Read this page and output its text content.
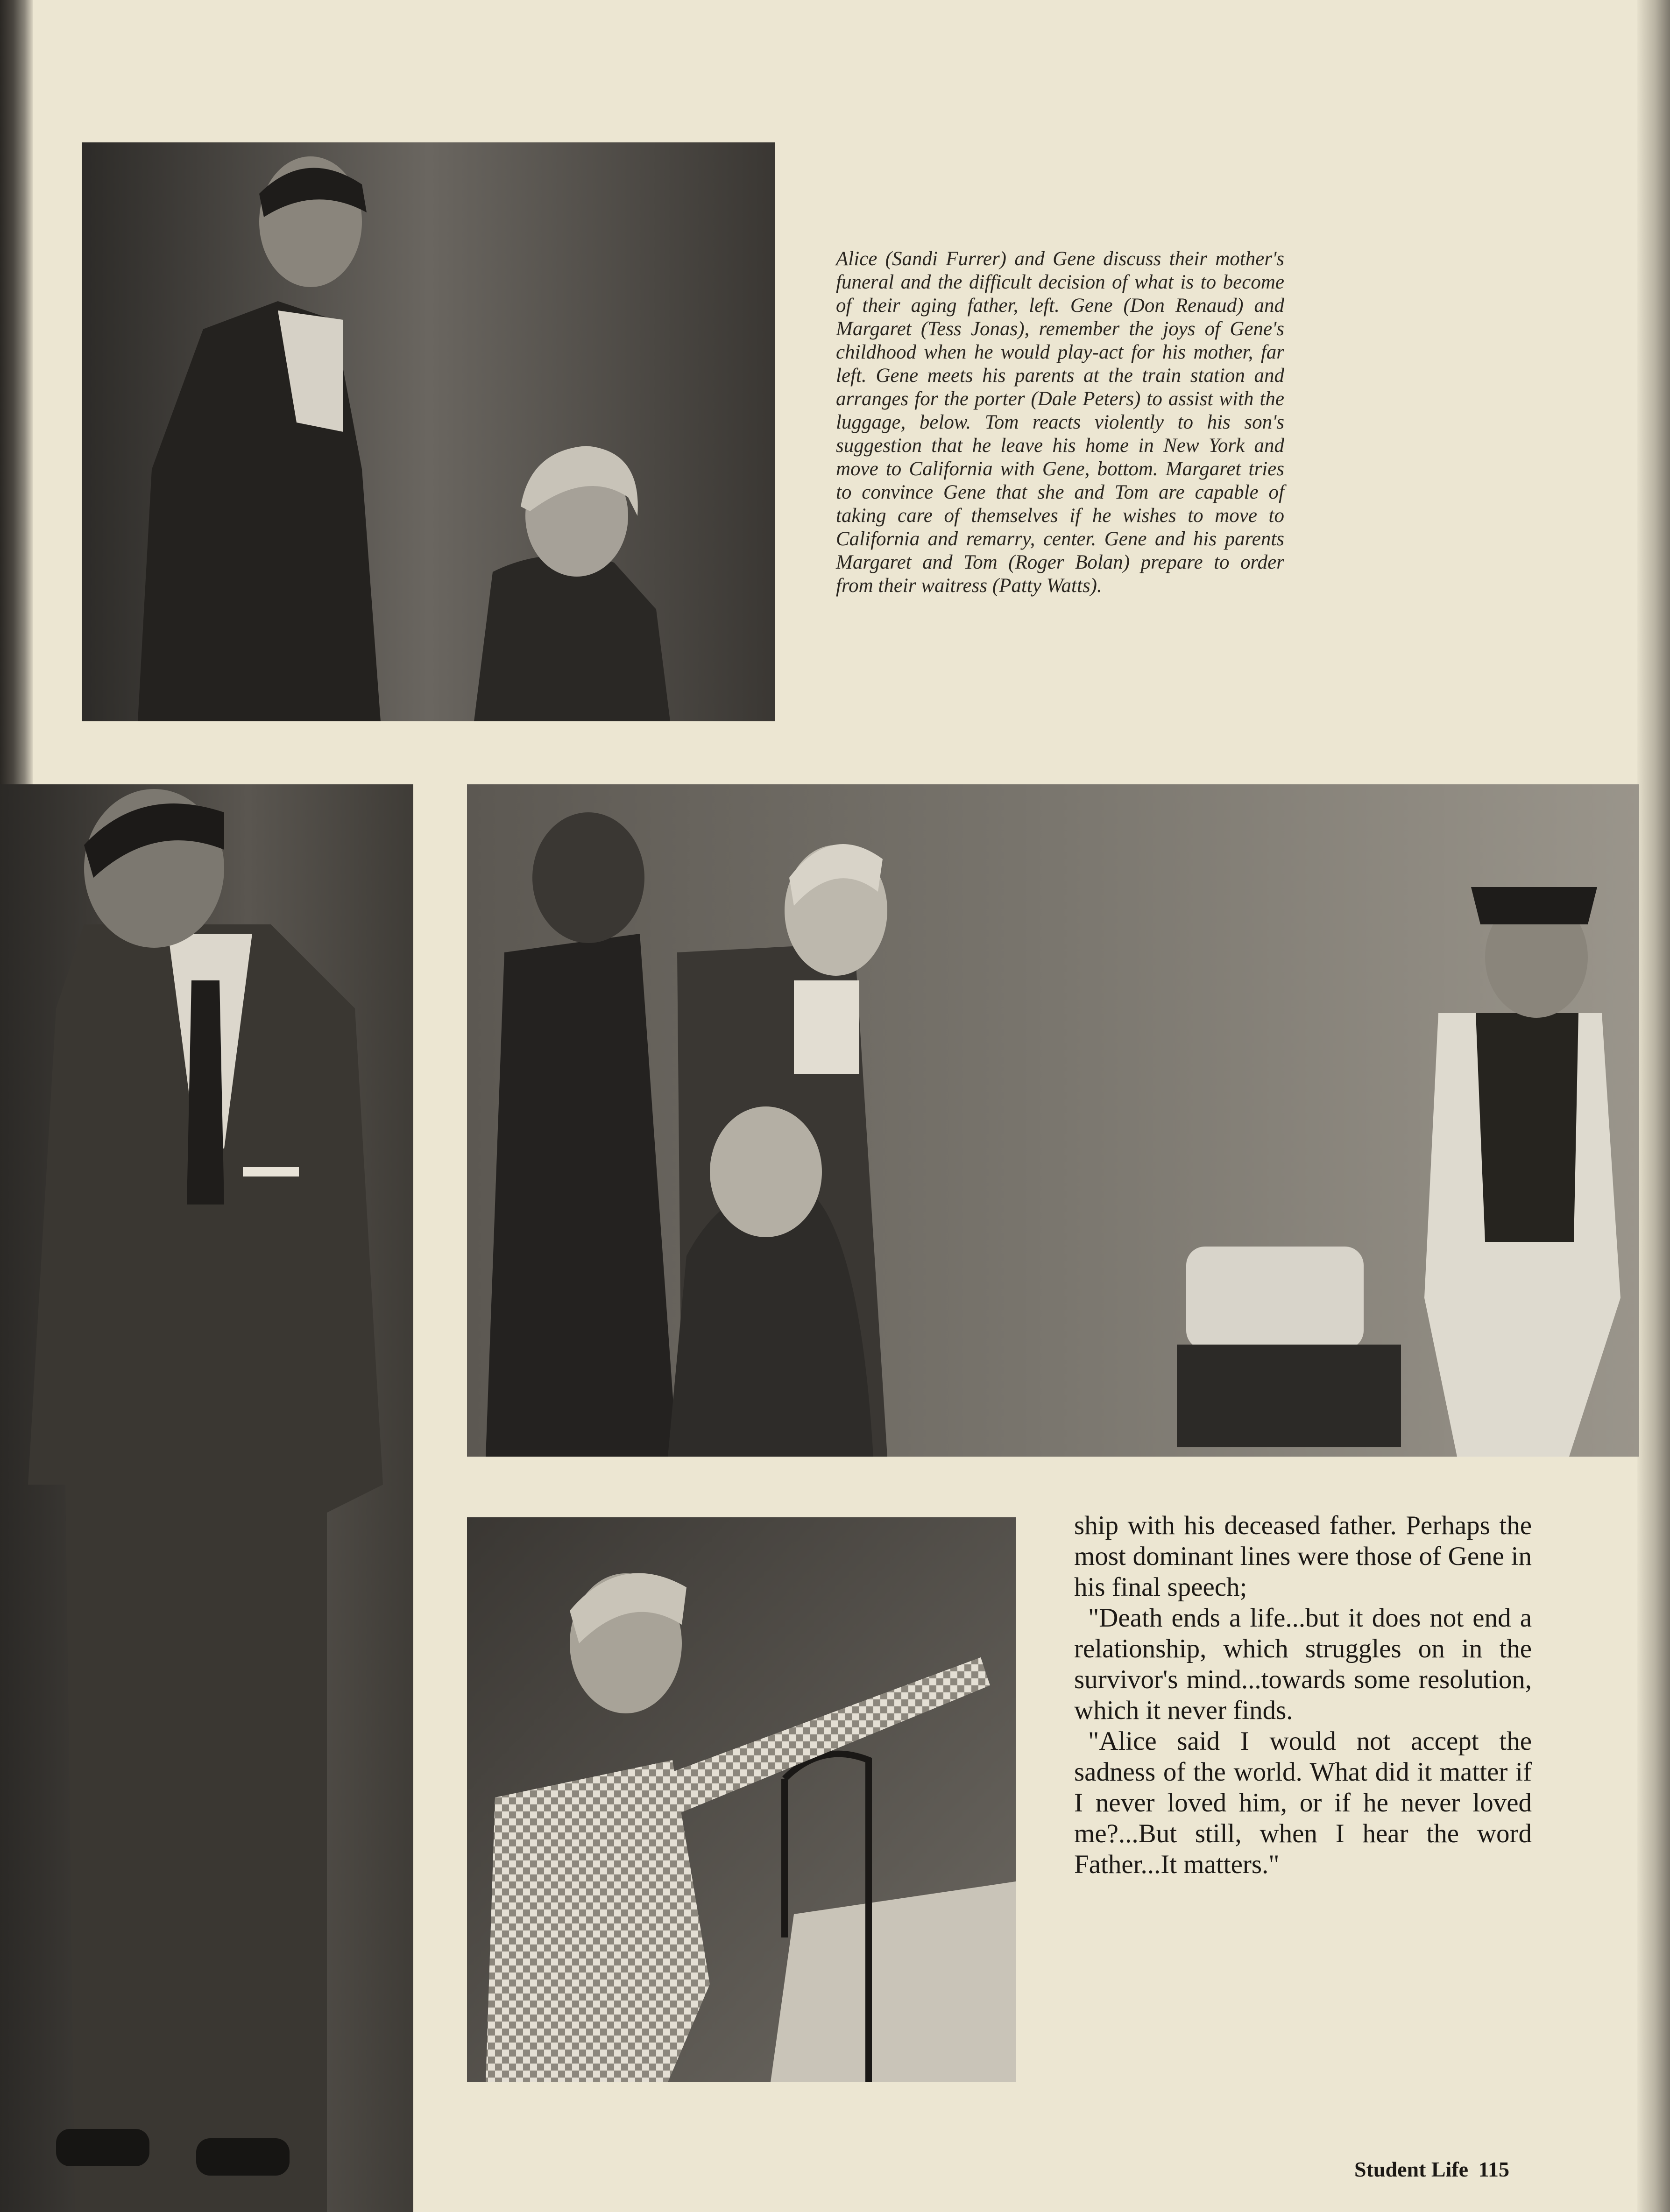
Alice (Sandi Furrer) and Gene discuss their mother's funeral and the difficult decision of what is to become of their aging father, left. Gene (Don Renaud) and Margaret (Tess Jonas), remember the joys of Gene's childhood when he would play-act for his mother, far left. Gene meets his parents at the train station and arranges for the porter (Dale Peters) to assist with the luggage, below. Tom reacts violently to his son's suggestion that he leave his home in New York and move to California with Gene, bottom. Margaret tries to convince Gene that she and Tom are capable of taking care of themselves if he wishes to move to California and remarry, center. Gene and his parents Margaret and Tom (Roger Bolan) prepare to order from their waitress (Patty Watts).

ship with his deceased father. Perhaps the most dominant lines were those of Gene in his final speech;

"Death ends a life...but it does not end a relationship, which struggles on in the survivor's mind...towards some resolution, which it never finds.

"Alice said I would not accept the sadness of the world. What did it matter if I never loved him, or if he never loved me?...But still, when I hear the word Father...It matters."

Student Life 115
